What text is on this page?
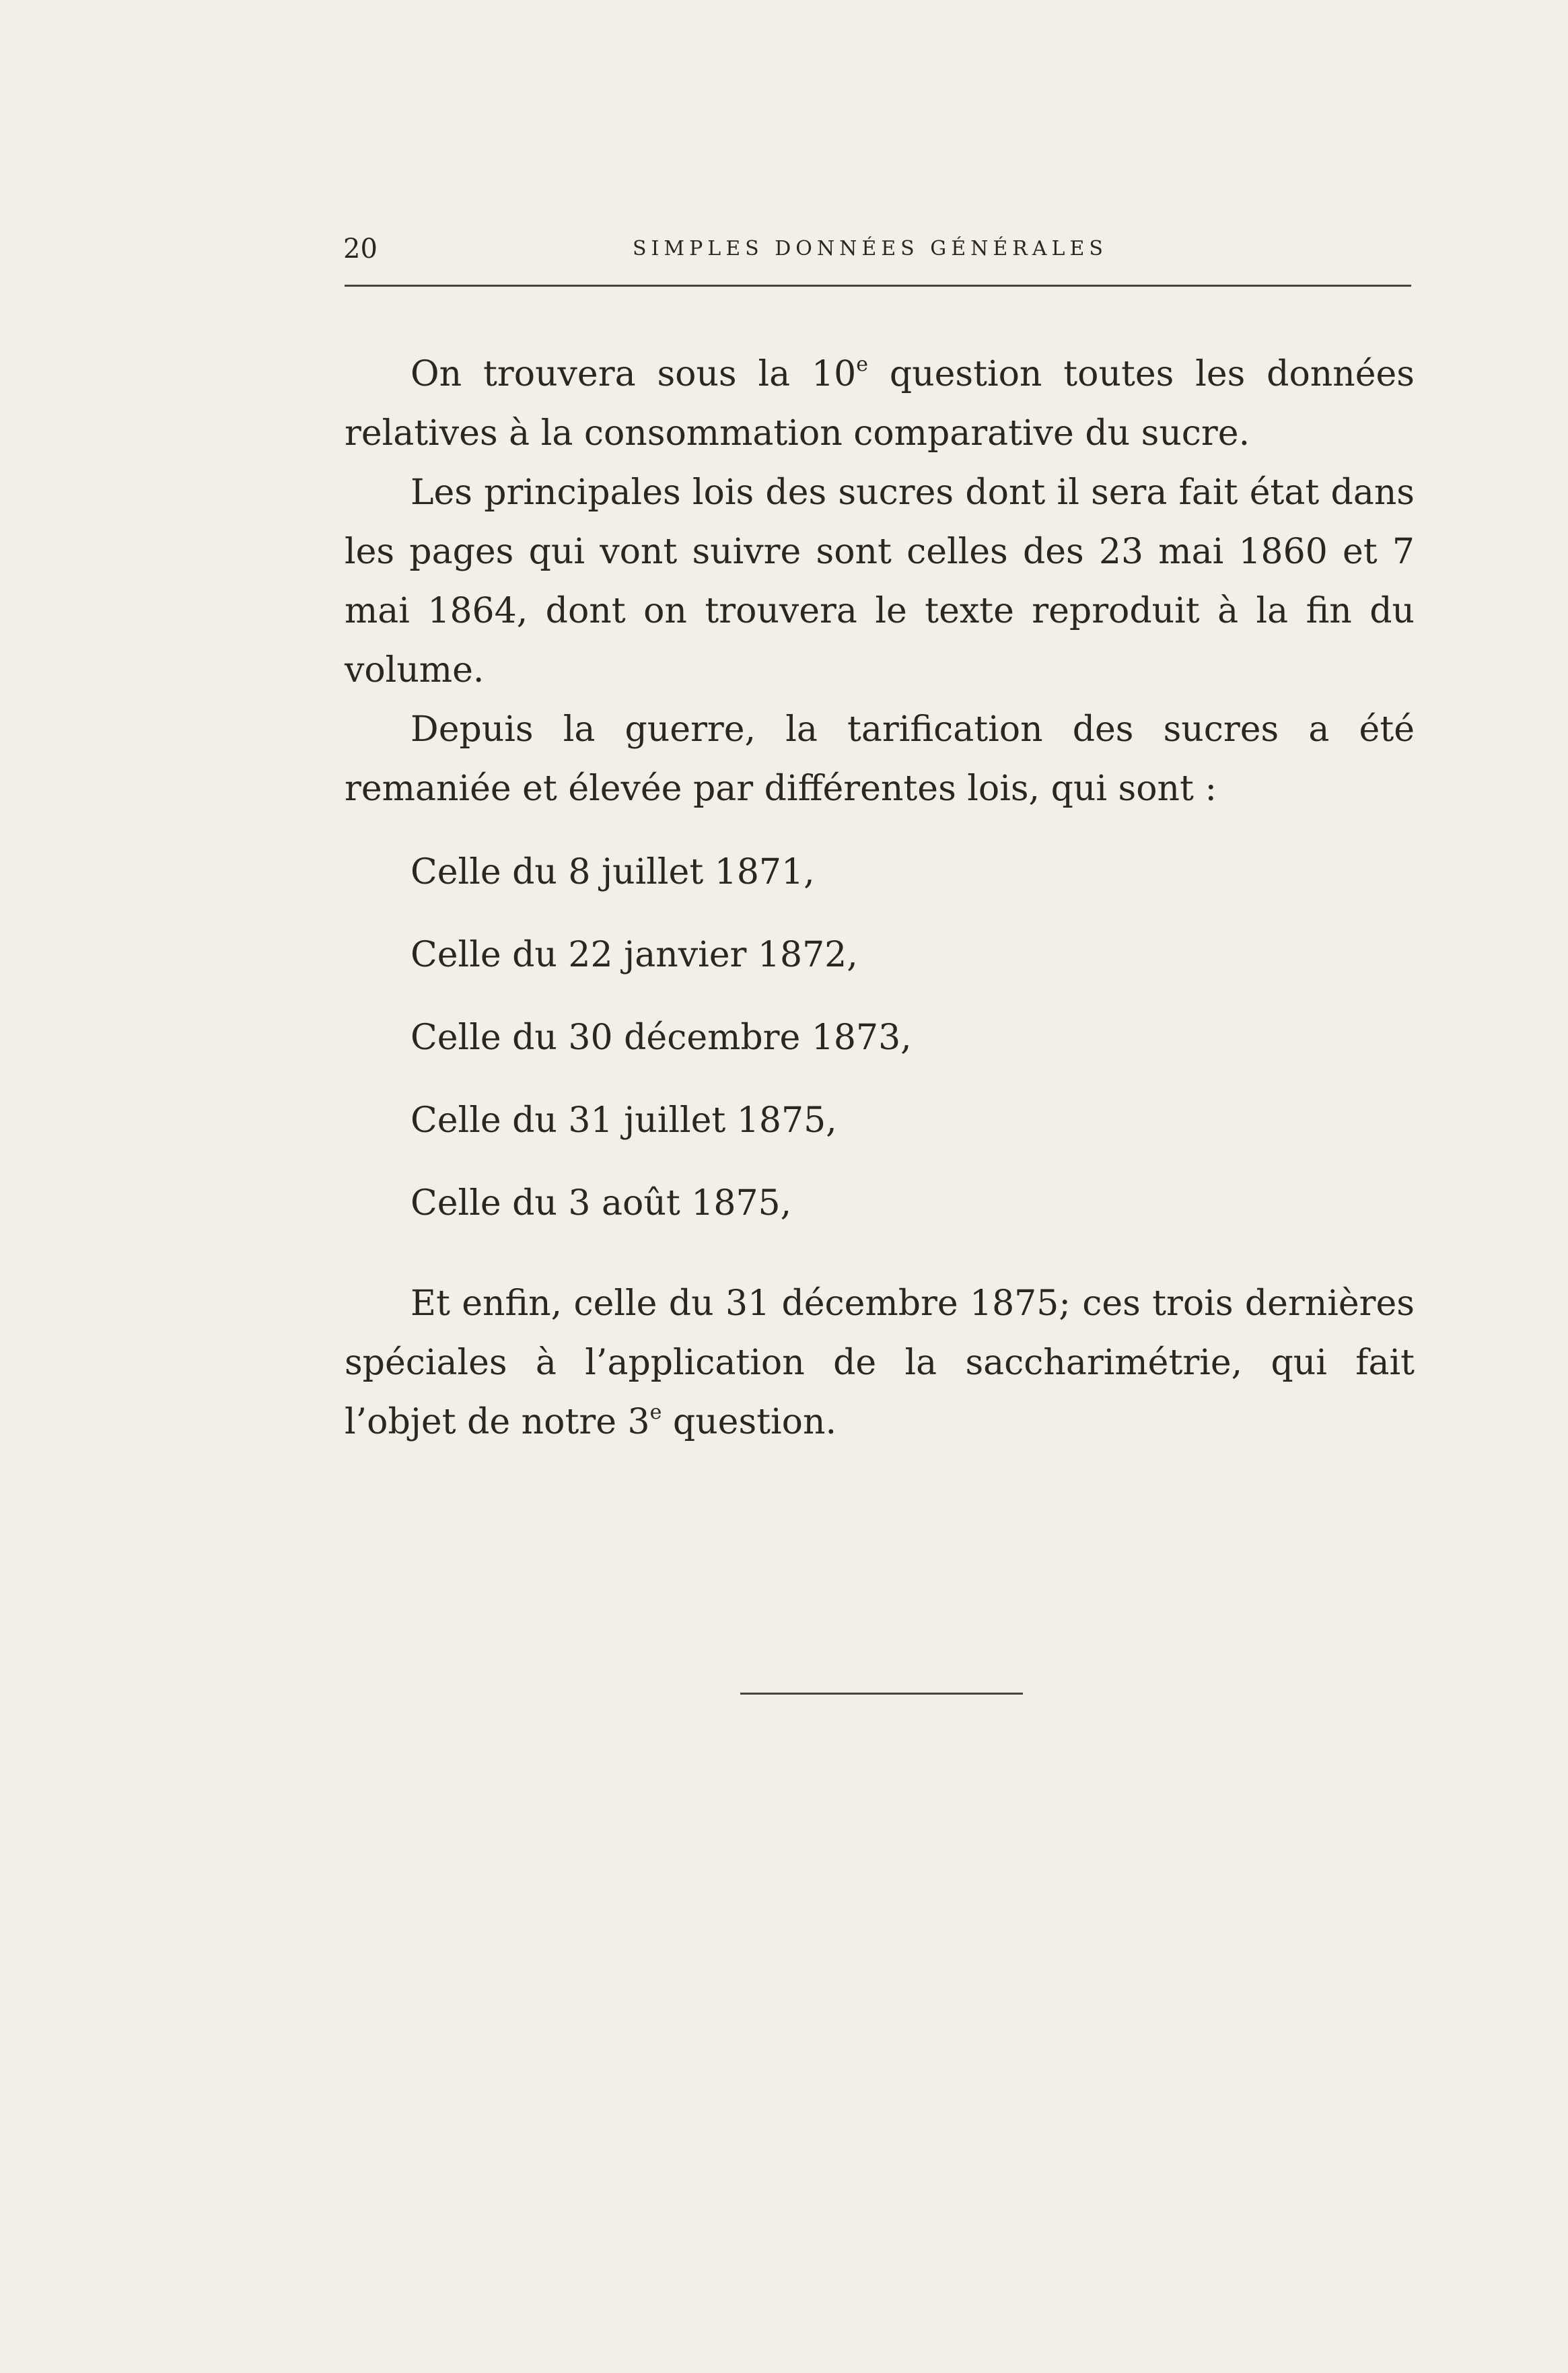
20	SIMPLES DONNÉES GÉNÉRALES

On trouvera sous la 10e question toutes les données relatives à la consommation comparative du sucre.

Les principales lois des sucres dont il sera fait état dans les pages qui vont suivre sont celles des 23 mai 1860 et 7 mai 1864, dont on trouvera le texte reproduit à la fin du volume.

Depuis la guerre, la tarification des sucres a été remaniée et élevée par différentes lois, qui sont :

Celle du 8 juillet 1871,
Celle du 22 janvier 1872,
Celle du 30 décembre 1873,
Celle du 31 juillet 1875,
Celle du 3 août 1875,

Et enfin, celle du 31 décembre 1875; ces trois dernières spéciales à l’application de la saccharimétrie, qui fait l’objet de notre 3e question.
